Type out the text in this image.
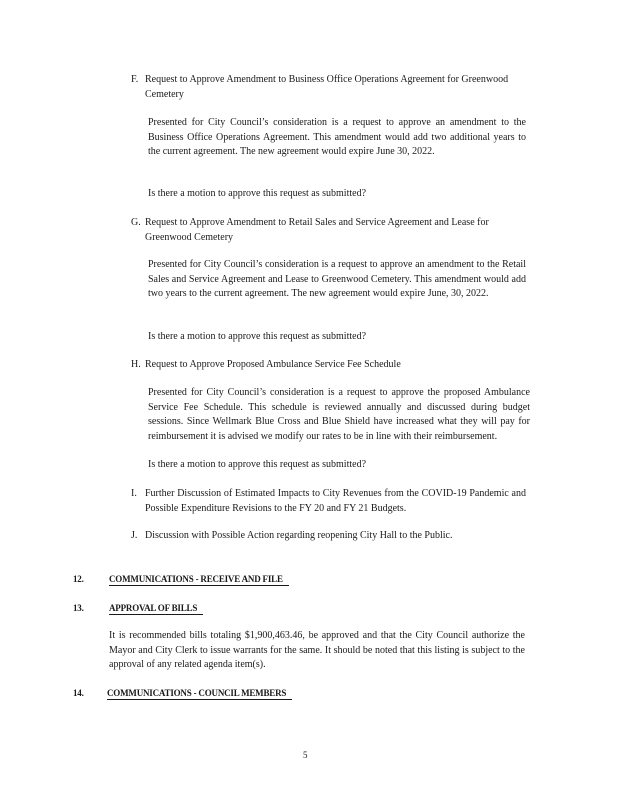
F. Request to Approve Amendment to Business Office Operations Agreement for Greenwood Cemetery
Presented for City Council’s consideration is a request to approve an amendment to the Business Office Operations Agreement. This amendment would add two additional years to the current agreement. The new agreement would expire June 30, 2022.
Is there a motion to approve this request as submitted?
G. Request to Approve Amendment to Retail Sales and Service Agreement and Lease for Greenwood Cemetery
Presented for City Council’s consideration is a request to approve an amendment to the Retail Sales and Service Agreement and Lease to Greenwood Cemetery. This amendment would add two years to the current agreement. The new agreement would expire June, 30, 2022.
Is there a motion to approve this request as submitted?
H. Request to Approve Proposed Ambulance Service Fee Schedule
Presented for City Council’s consideration is a request to approve the proposed Ambulance Service Fee Schedule. This schedule is reviewed annually and discussed during budget sessions. Since Wellmark Blue Cross and Blue Shield have increased what they will pay for reimbursement it is advised we modify our rates to be in line with their reimbursement.
Is there a motion to approve this request as submitted?
I. Further Discussion of Estimated Impacts to City Revenues from the COVID-19 Pandemic and Possible Expenditure Revisions to the FY 20 and FY 21 Budgets.
J. Discussion with Possible Action regarding reopening City Hall to the Public.
12.	COMMUNICATIONS - RECEIVE AND FILE
13.	APPROVAL OF BILLS
It is recommended bills totaling $1,900,463.46, be approved and that the City Council authorize the Mayor and City Clerk to issue warrants for the same. It should be noted that this listing is subject to the approval of any related agenda item(s).
14.	COMMUNICATIONS - COUNCIL MEMBERS
5
